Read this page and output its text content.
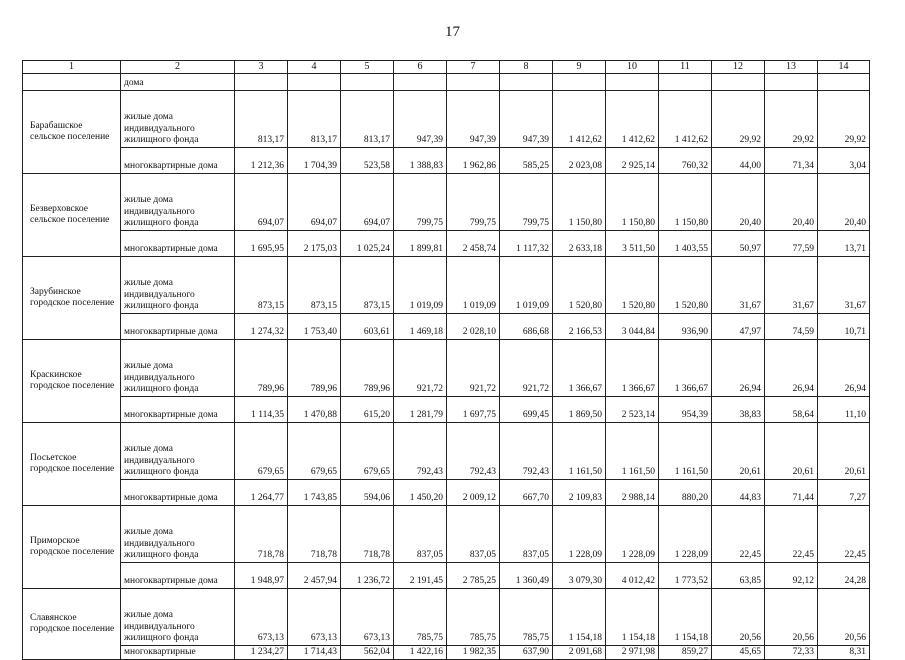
17
1	2	3	4	5	6	7	8	9	10	11	12	13	14
	дома												
Барабашское сельское поселение	жилые дома индивидуального жилищного фонда	813,17	813,17	813,17	947,39	947,39	947,39	1 412,62	1 412,62	1 412,62	29,92	29,92	29,92
	многоквартирные дома	1 212,36	1 704,39	523,58	1 388,83	1 962,86	585,25	2 023,08	2 925,14	760,32	44,00	71,34	3,04
Безверховское сельское поселение	жилые дома индивидуального жилищного фонда	694,07	694,07	694,07	799,75	799,75	799,75	1 150,80	1 150,80	1 150,80	20,40	20,40	20,40
	многоквартирные дома	1 695,95	2 175,03	1 025,24	1 899,81	2 458,74	1 117,32	2 633,18	3 511,50	1 403,55	50,97	77,59	13,71
Зарубинское городское поселение	жилые дома индивидуального жилищного фонда	873,15	873,15	873,15	1 019,09	1 019,09	1 019,09	1 520,80	1 520,80	1 520,80	31,67	31,67	31,67
	многоквартирные дома	1 274,32	1 753,40	603,61	1 469,18	2 028,10	686,68	2 166,53	3 044,84	936,90	47,97	74,59	10,71
Краскинское городское поселение	жилые дома индивидуального жилищного фонда	789,96	789,96	789,96	921,72	921,72	921,72	1 366,67	1 366,67	1 366,67	26,94	26,94	26,94
	многоквартирные дома	1 114,35	1 470,88	615,20	1 281,79	1 697,75	699,45	1 869,50	2 523,14	954,39	38,83	58,64	11,10
Посьетское городское поселение	жилые дома индивидуального жилищного фонда	679,65	679,65	679,65	792,43	792,43	792,43	1 161,50	1 161,50	1 161,50	20,61	20,61	20,61
	многоквартирные дома	1 264,77	1 743,85	594,06	1 450,20	2 009,12	667,70	2 109,83	2 988,14	880,20	44,83	71,44	7,27
Приморское городское поселение	жилые дома индивидуального жилищного фонда	718,78	718,78	718,78	837,05	837,05	837,05	1 228,09	1 228,09	1 228,09	22,45	22,45	22,45
	многоквартирные дома	1 948,97	2 457,94	1 236,72	2 191,45	2 785,25	1 360,49	3 079,30	4 012,42	1 773,52	63,85	92,12	24,28
Славянское городское поселение	жилые дома индивидуального жилищного фонда	673,13	673,13	673,13	785,75	785,75	785,75	1 154,18	1 154,18	1 154,18	20,56	20,56	20,56
	многоквартирные	1 234,27	1 714,43	562,04	1 422,16	1 982,35	637,90	2 091,68	2 971,98	859,27	45,65	72,33	8,31
